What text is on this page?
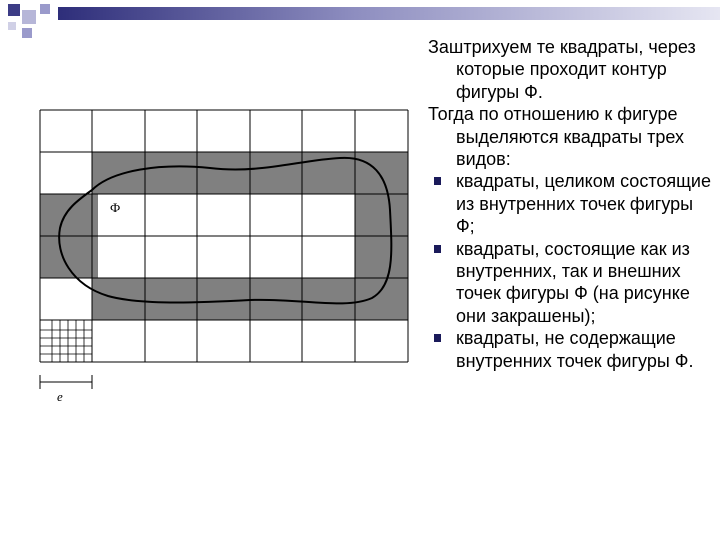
Ф
e

Заштрихуем те квадраты, через которые проходит контур фигуры Ф.

Тогда по отношению к фигуре выделяются квадраты трех видов:

квадраты, целиком состоящие из внутренних точек фигуры Ф;
квадраты, состоящие как из внутренних, так и внешних точек фигуры Ф (на рисунке они закрашены);
квадраты, не содержащие внутренних точек фигуры Ф.
